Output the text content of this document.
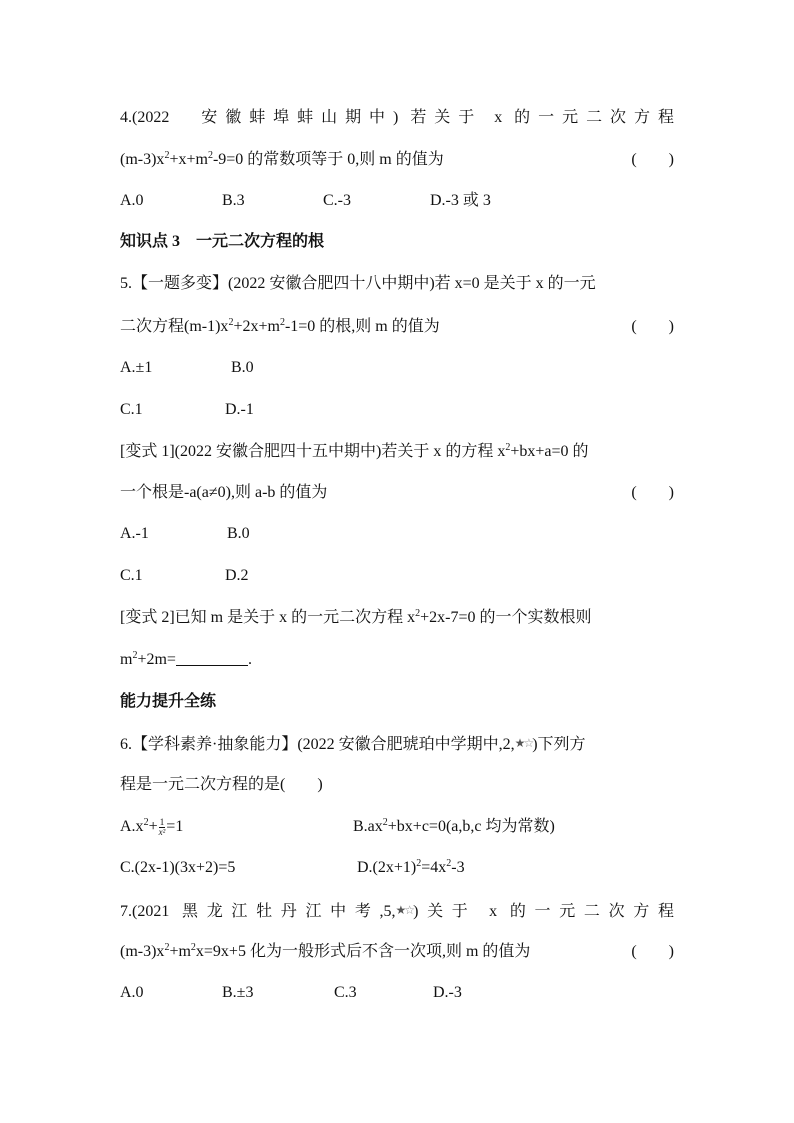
4.(2022　安徽蚌埠蚌山期中) 若关于 x 的一元二次方程
$(m-3)x^2+x+m^2-9=0$ 的常数项等于 0,则 m 的值为	(　　)
A.0	B.3	C.-3	D.-3 或 3
知识点 3　一元二次方程的根
5.【一题多变】(2022 安徽合肥四十八中期中)若 x=0 是关于 x 的一元
二次方程$(m-1)x^2+2x+m^2-1=0$ 的根,则 m 的值为	(　　)
A.±1	B.0
C.1	D.-1
[变式 1](2022 安徽合肥四十五中期中)若关于 x 的方程 $x^2+bx+a=0$ 的
一个根是-a(a≠0),则 a-b 的值为	(　　)
A.-1	B.0
C.1	D.2
[变式 2]已知 m 是关于 x 的一元二次方程 $x^2+2x-7=0$ 的一个实数根则
$m^2+2m=$	.
能力提升全练
6.【学科素养·抽象能力】(2022 安徽合肥琥珀中学期中,2,★☆)下列方
程是一元二次方程的是(　　)
$A.x^2+ \frac{1}{\text{x²}} =1$	$B.ax^2+bx+c=0(a,b,c$ 均为常数)
C.(2x-1)(3x+2)=5	$D.(2x+1)^2=4x^2-3$
7.(2021 黑龙江牡丹江中考,5,★☆)关于 x 的一元二次方程
$(m-3)x^2+m^2x=9x+5$ 化为一般形式后不含一次项,则 m 的值为	(　　)
A.0	B.±3	C.3	D.-3
